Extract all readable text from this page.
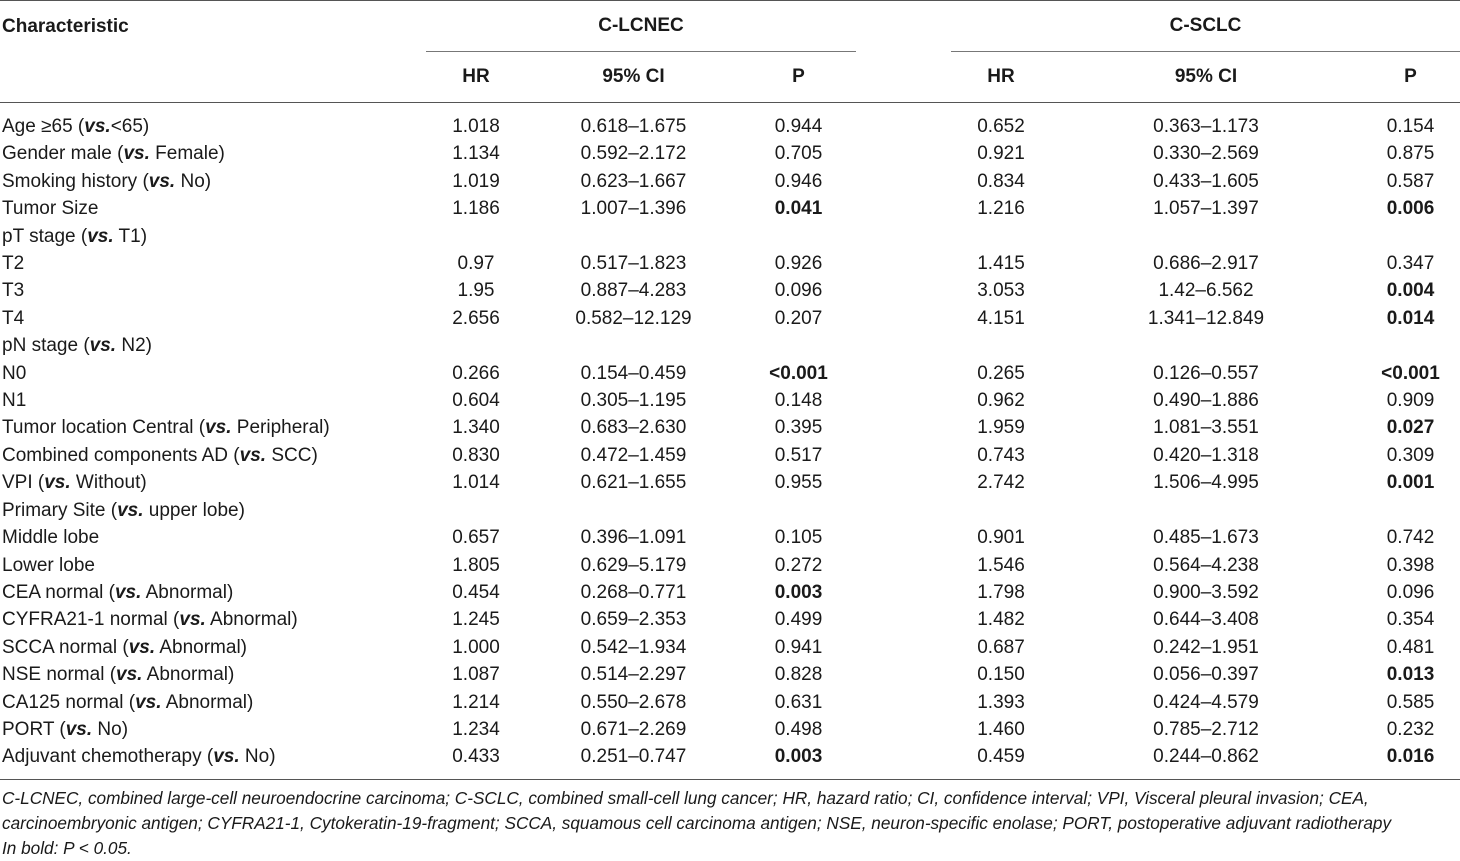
Characteristic	C-LCNEC				C-SCLC		

	HR	95% CI	P		HR	95% CI	P
Age ≥65 (vs.<65)	1.018	0.618–1.675	0.944		0.652	0.363–1.173	0.154
Gender male (vs. Female)	1.134	0.592–2.172	0.705		0.921	0.330–2.569	0.875
Smoking history (vs. No)	1.019	0.623–1.667	0.946		0.834	0.433–1.605	0.587
Tumor Size	1.186	1.007–1.396	0.041		1.216	1.057–1.397	0.006
pT stage (vs. T1)							
T2	0.97	0.517–1.823	0.926		1.415	0.686–2.917	0.347
T3	1.95	0.887–4.283	0.096		3.053	1.42–6.562	0.004
T4	2.656	0.582–12.129	0.207		4.151	1.341–12.849	0.014
pN stage (vs. N2)							
N0	0.266	0.154–0.459	<0.001		0.265	0.126–0.557	<0.001
N1	0.604	0.305–1.195	0.148		0.962	0.490–1.886	0.909
Tumor location Central (vs. Peripheral)	1.340	0.683–2.630	0.395		1.959	1.081–3.551	0.027
Combined components AD (vs. SCC)	0.830	0.472–1.459	0.517		0.743	0.420–1.318	0.309
VPI (vs. Without)	1.014	0.621–1.655	0.955		2.742	1.506–4.995	0.001
Primary Site (vs. upper lobe)							
Middle lobe	0.657	0.396–1.091	0.105		0.901	0.485–1.673	0.742
Lower lobe	1.805	0.629–5.179	0.272		1.546	0.564–4.238	0.398
CEA normal (vs. Abnormal)	0.454	0.268–0.771	0.003		1.798	0.900–3.592	0.096
CYFRA21-1 normal (vs. Abnormal)	1.245	0.659–2.353	0.499		1.482	0.644–3.408	0.354
SCCA normal (vs. Abnormal)	1.000	0.542–1.934	0.941		0.687	0.242–1.951	0.481
NSE normal (vs. Abnormal)	1.087	0.514–2.297	0.828		0.150	0.056–0.397	0.013
CA125 normal (vs. Abnormal)	1.214	0.550–2.678	0.631		1.393	0.424–4.579	0.585
PORT (vs. No)	1.234	0.671–2.269	0.498		1.460	0.785–2.712	0.232
Adjuvant chemotherapy (vs. No)	0.433	0.251–0.747	0.003		0.459	0.244–0.862	0.016
C-LCNEC, combined large-cell neuroendocrine carcinoma; C-SCLC, combined small-cell lung cancer; HR, hazard ratio; CI, confidence interval; VPI, Visceral pleural invasion; CEA,
carcinoembryonic antigen; CYFRA21-1, Cytokeratin-19-fragment; SCCA, squamous cell carcinoma antigen; NSE, neuron-specific enolase; PORT, postoperative adjuvant radiotherapy
In bold: P < 0.05.
